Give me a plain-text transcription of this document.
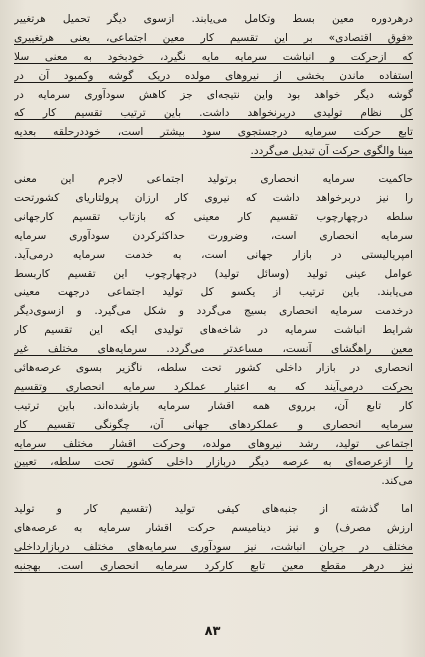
درهردوره معین بسط وتکامل می‌یابند. ازسوی دیگر تحمیل هرتغییر
«فوق اقتصادی» بر این تقسیم کار معین اجتماعی، یعنی هرتغییری
که ازحرکت و انباشت سرمایه مایه نگیرد، خودبخود به معنی سلا
استفاده ماندن بخشی از نیروهای مولده دریک گوشه وکمبود آن در
گوشه دیگر خواهد بود واین نتیجه‌ای جز کاهش سودآوری سرمایه در
کل نظام تولیدی دربرنخواهد داشت. باین ترتیب تقسیم کار که
تابع حرکت سرمایه درجستجوی سود بیشتر است، خوددرحلقه بعدیه
مینا والگوی حرکت آن تبدیل می‌گردد.
حاکمیت سرمایه انحصاری برتولید اجتماعی لاجرم این معنی
را نیز دربرخواهد داشت که نیروی کار ارزان پرولتاریای کشورتحت
سلطه درچهارچوب تقسیم کار معینی که بازتاب تقسیم کارجهانی
سرمایه انحصاری است، وضرورت حداکثرکردن سودآوری سرمایه
امپریالیستی در بازار جهانی است، به خدمت سرمایه درمی‌آید.
عوامل عینی تولید (وسائل تولید) درچهارچوب این تقسیم کاربسط
می‌یابند. باین ترتیب از یکسو کل تولید اجتماعی درجهت معینی
درخدمت سرمایه انحصاری بسیج می‌گردد و شکل می‌گیرد. و ازسوی‌دیگر
شرایط انباشت سرمایه در شاخه‌های تولیدی ایکه این تقسیم کار
معین راهگشای آنست، مساعدتر می‌گردد. سرمایه‌های مختلف غیر
انحصاری در بازار داخلی کشور تحت سلطه، ناگزیر بسوی عرصه‌هائی
بحرکت درمی‌آیند که به اعتبار عملکرد سرمایه انحصاری وتقسیم
کار تابع آن، برروی همه اقشار سرمایه بازشده‌اند. باین ترتیب
سرمایه انحصاری و عملکردهای جهانی آن، چگونگی تقسیم کار
اجتماعی تولید، رشد نیروهای مولده، وحرکت اقشار مختلف سرمایه
را ازعرصه‌ای به عرصه دیگر دربازار داخلی کشور تحت سلطه، تعیین
می‌کند.
اما گذشته از جنبه‌های کیفی تولید (تقسیم کار و تولید
ارزش مصرف) و نیز دینامیسم حرکت اقشار سرمایه به عرصه‌های
مختلف در جریان انباشت، نیز سودآوری سرمایه‌های مختلف دربازارداخلی
نیز درهر مقطع معین تابع کارکرد سرمایه انحصاری است. بهجنبه
۸۳
